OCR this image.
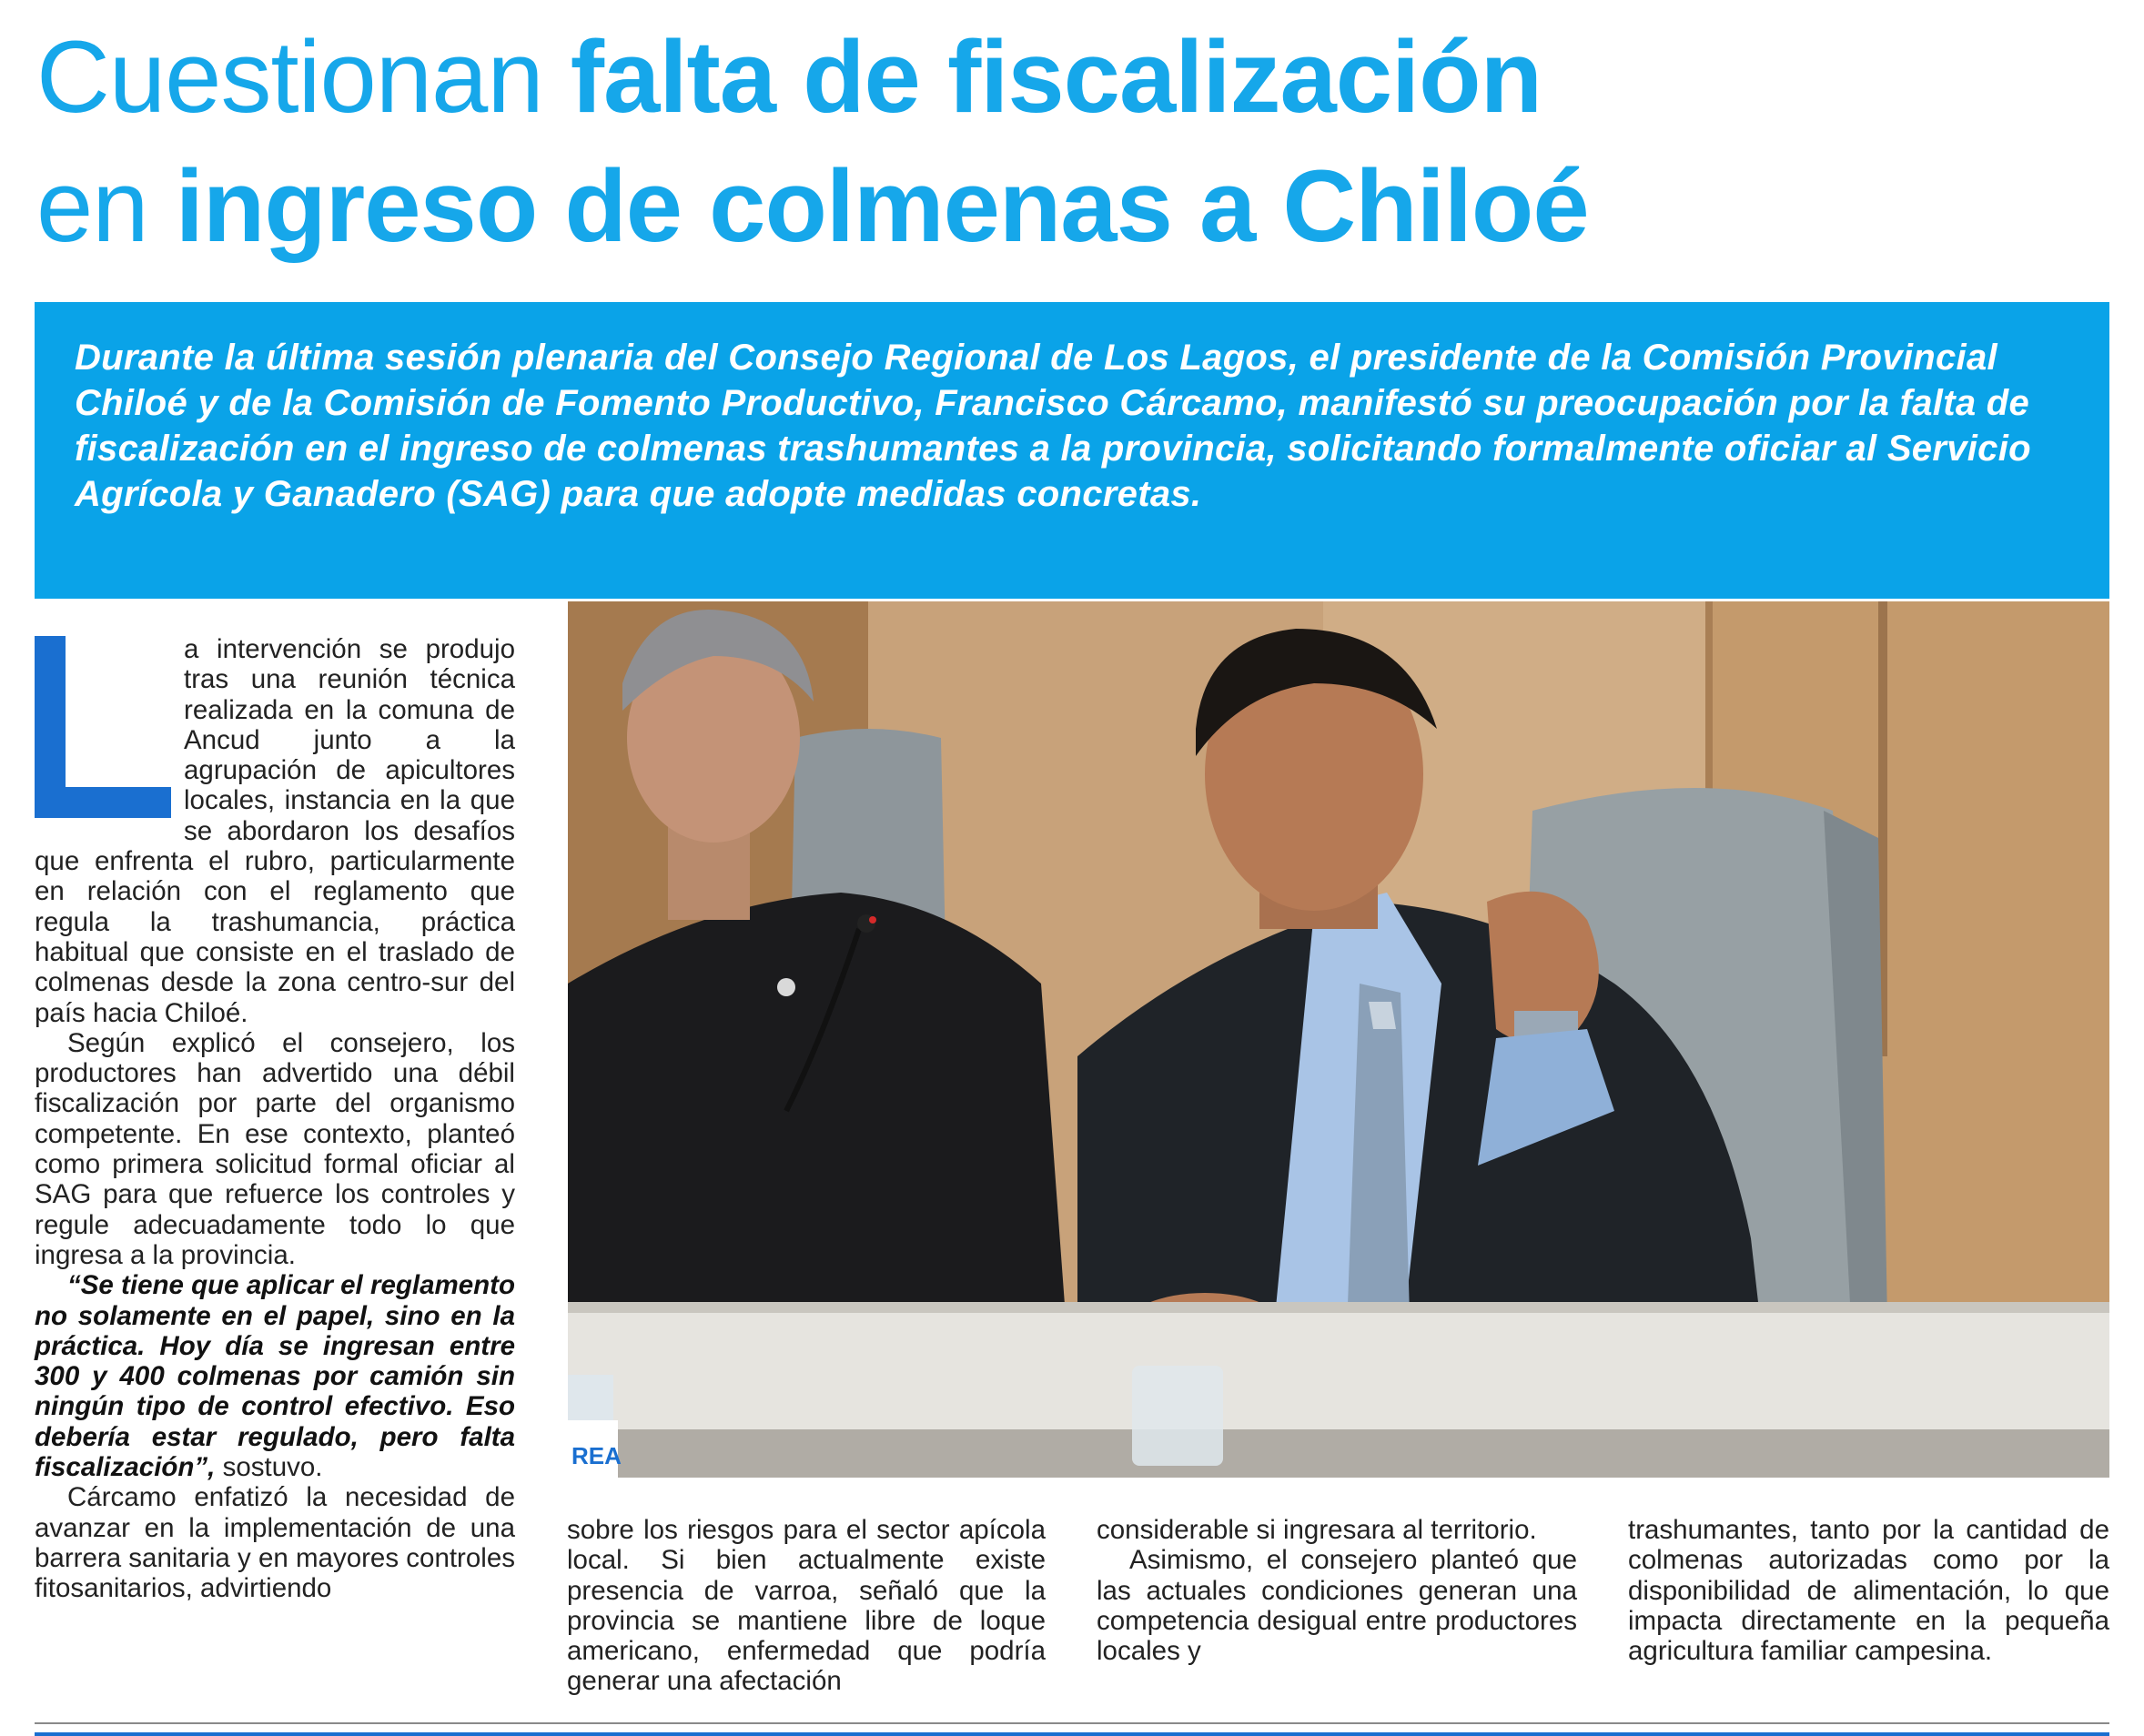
Cuestionan falta de fiscalización
en ingreso de colmenas a Chiloé

Durante la última sesión plenaria del Consejo Regional de Los Lagos, el presidente de la Comisión Provincial Chiloé y de la Comisión de Fomento Productivo, Francisco Cárcamo, manifestó su preocupación por la falta de fiscalización en el ingreso de colmenas trashumantes a la provincia, solicitando formalmente oficiar al Servicio Agrícola y Ganadero (SAG) para que adopte medidas concretas.

REA

a intervención se produjo tras una reunión técnica realizada en la comuna de Ancud junto a la agrupación de apicultores locales, instancia en la que se abordaron los desafíos que enfrenta el rubro, particularmente en relación con el reglamento que regula la trashumancia, práctica habitual que consiste en el traslado de colmenas desde la zona centro-sur del país hacia Chiloé.

Según explicó el consejero, los productores han advertido una débil fiscalización por parte del organismo competente. En ese contexto, planteó como primera solicitud formal oficiar al SAG para que refuerce los controles y regule adecuadamente todo lo que ingresa a la provincia.

“Se tiene que aplicar el reglamento no solamente en el papel, sino en la práctica. Hoy día se ingresan entre 300 y 400 colmenas por camión sin ningún tipo de control efectivo. Eso debería estar regulado, pero falta fiscalización”, sostuvo.

Cárcamo enfatizó la necesidad de avanzar en la implementación de una barrera sanitaria y en mayores controles fitosanitarios, advirtiendo

sobre los riesgos para el sector apícola local. Si bien actualmente existe presencia de varroa, señaló que la provincia se mantiene libre de loque americano, enfermedad que podría generar una afectación

considerable si ingresara al territorio.

Asimismo, el consejero planteó que las actuales condiciones generan una competencia desigual entre productores locales y

trashumantes, tanto por la cantidad de colmenas autorizadas como por la disponibilidad de alimentación, lo que impacta directamente en la pequeña agricultura familiar campesina.
